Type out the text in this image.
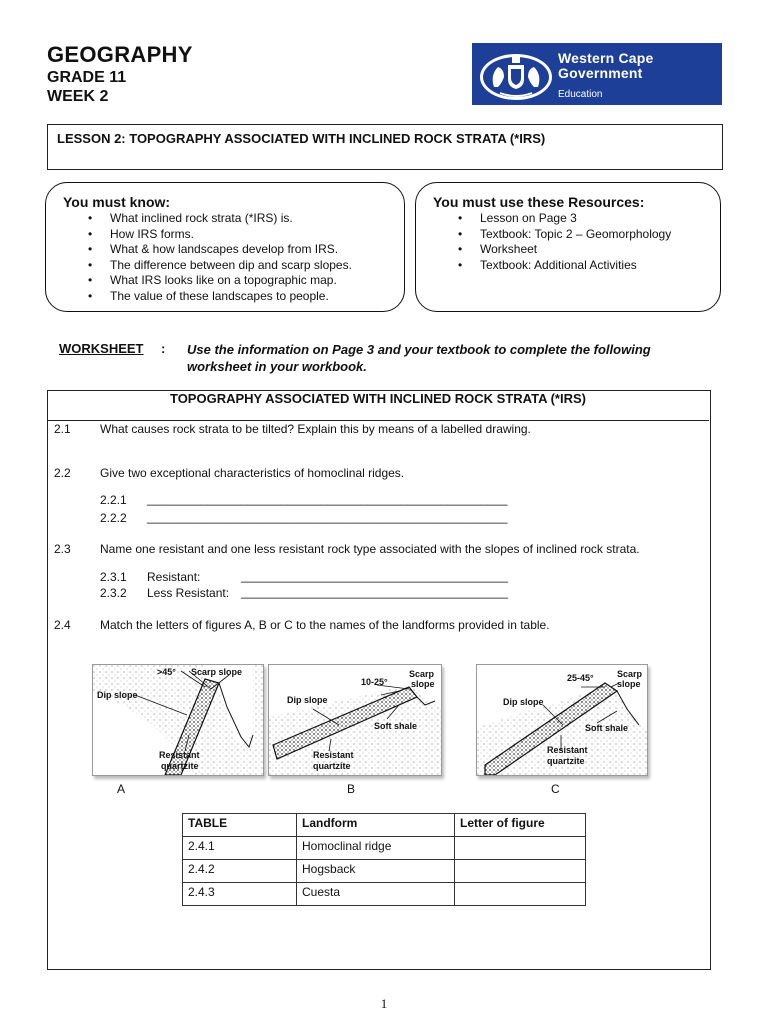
GEOGRAPHY
GRADE 11
WEEK 2
Western Cape
Government
Education
LESSON 2: TOPOGRAPHY ASSOCIATED WITH INCLINED ROCK STRATA (*IRS)
You must know:
• What inclined rock strata (*IRS) is.
• How IRS forms.
• What & how landscapes develop from IRS.
• The difference between dip and scarp slopes.
• What IRS looks like on a topographic map.
• The value of these landscapes to people.
You must use these Resources:
• Lesson on Page 3
• Textbook: Topic 2 – Geomorphology
• Worksheet
• Textbook: Additional Activities
WORKSHEET : Use the information on Page 3 and your textbook to complete the following worksheet in your workbook.
TOPOGRAPHY ASSOCIATED WITH INCLINED ROCK STRATA (*IRS)
2.1 What causes rock strata to be tilted? Explain this by means of a labelled drawing.
2.2 Give two exceptional characteristics of homoclinal ridges.
2.2.1 ______________________________________________________
2.2.2 ______________________________________________________
2.3 Name one resistant and one less resistant rock type associated with the slopes of inclined rock strata.
2.3.1 Resistant:	________________________________________
2.3.2 Less Resistant: ________________________________________
2.4 Match the letters of figures A, B or C to the names of the landforms provided in table.
>45° Scarp slope
Dip slope
Resistant
quartzite
10-25°
Scarp
slope
Dip slope
Soft shale
Resistant
quartzite
25-45°	Scarp
slope
Dip slope
Soft shale
Resistant
quartzite
A	B	C
TABLE	Landform	Letter of figure
2.4.1	Homoclinal ridge	
2.4.2	Hogsback	
2.4.3	Cuesta	
1
